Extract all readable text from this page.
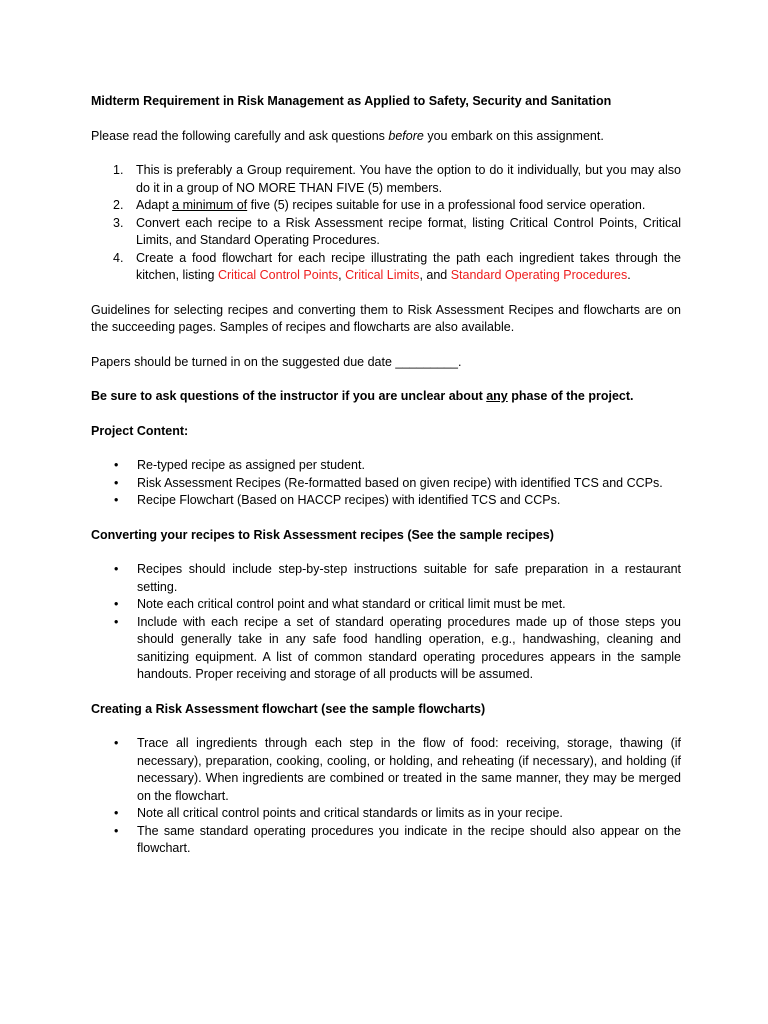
Midterm Requirement in Risk Management as Applied to Safety, Security and Sanitation

Please read the following carefully and ask questions before you embark on this assignment.

1. This is preferably a Group requirement. You have the option to do it individually, but you may also do it in a group of NO MORE THAN FIVE (5) members.
2. Adapt a minimum of five (5) recipes suitable for use in a professional food service operation.
3. Convert each recipe to a Risk Assessment recipe format, listing Critical Control Points, Critical Limits, and Standard Operating Procedures.
4. Create a food flowchart for each recipe illustrating the path each ingredient takes through the kitchen, listing Critical Control Points, Critical Limits, and Standard Operating Procedures.

Guidelines for selecting recipes and converting them to Risk Assessment Recipes and flowcharts are on the succeeding pages. Samples of recipes and flowcharts are also available.

Papers should be turned in on the suggested due date _________.

Be sure to ask questions of the instructor if you are unclear about any phase of the project.

Project Content:

• Re-typed recipe as assigned per student.
• Risk Assessment Recipes (Re-formatted based on given recipe) with identified TCS and CCPs.
• Recipe Flowchart (Based on HACCP recipes) with identified TCS and CCPs.

Converting your recipes to Risk Assessment recipes (See the sample recipes)

• Recipes should include step-by-step instructions suitable for safe preparation in a restaurant setting.
• Note each critical control point and what standard or critical limit must be met.
• Include with each recipe a set of standard operating procedures made up of those steps you should generally take in any safe food handling operation, e.g., handwashing, cleaning and sanitizing equipment. A list of common standard operating procedures appears in the sample handouts. Proper receiving and storage of all products will be assumed.

Creating a Risk Assessment flowchart (see the sample flowcharts)

• Trace all ingredients through each step in the flow of food: receiving, storage, thawing (if necessary), preparation, cooking, cooling, or holding, and reheating (if necessary), and holding (if necessary). When ingredients are combined or treated in the same manner, they may be merged on the flowchart.
• Note all critical control points and critical standards or limits as in your recipe.
• The same standard operating procedures you indicate in the recipe should also appear on the flowchart.
